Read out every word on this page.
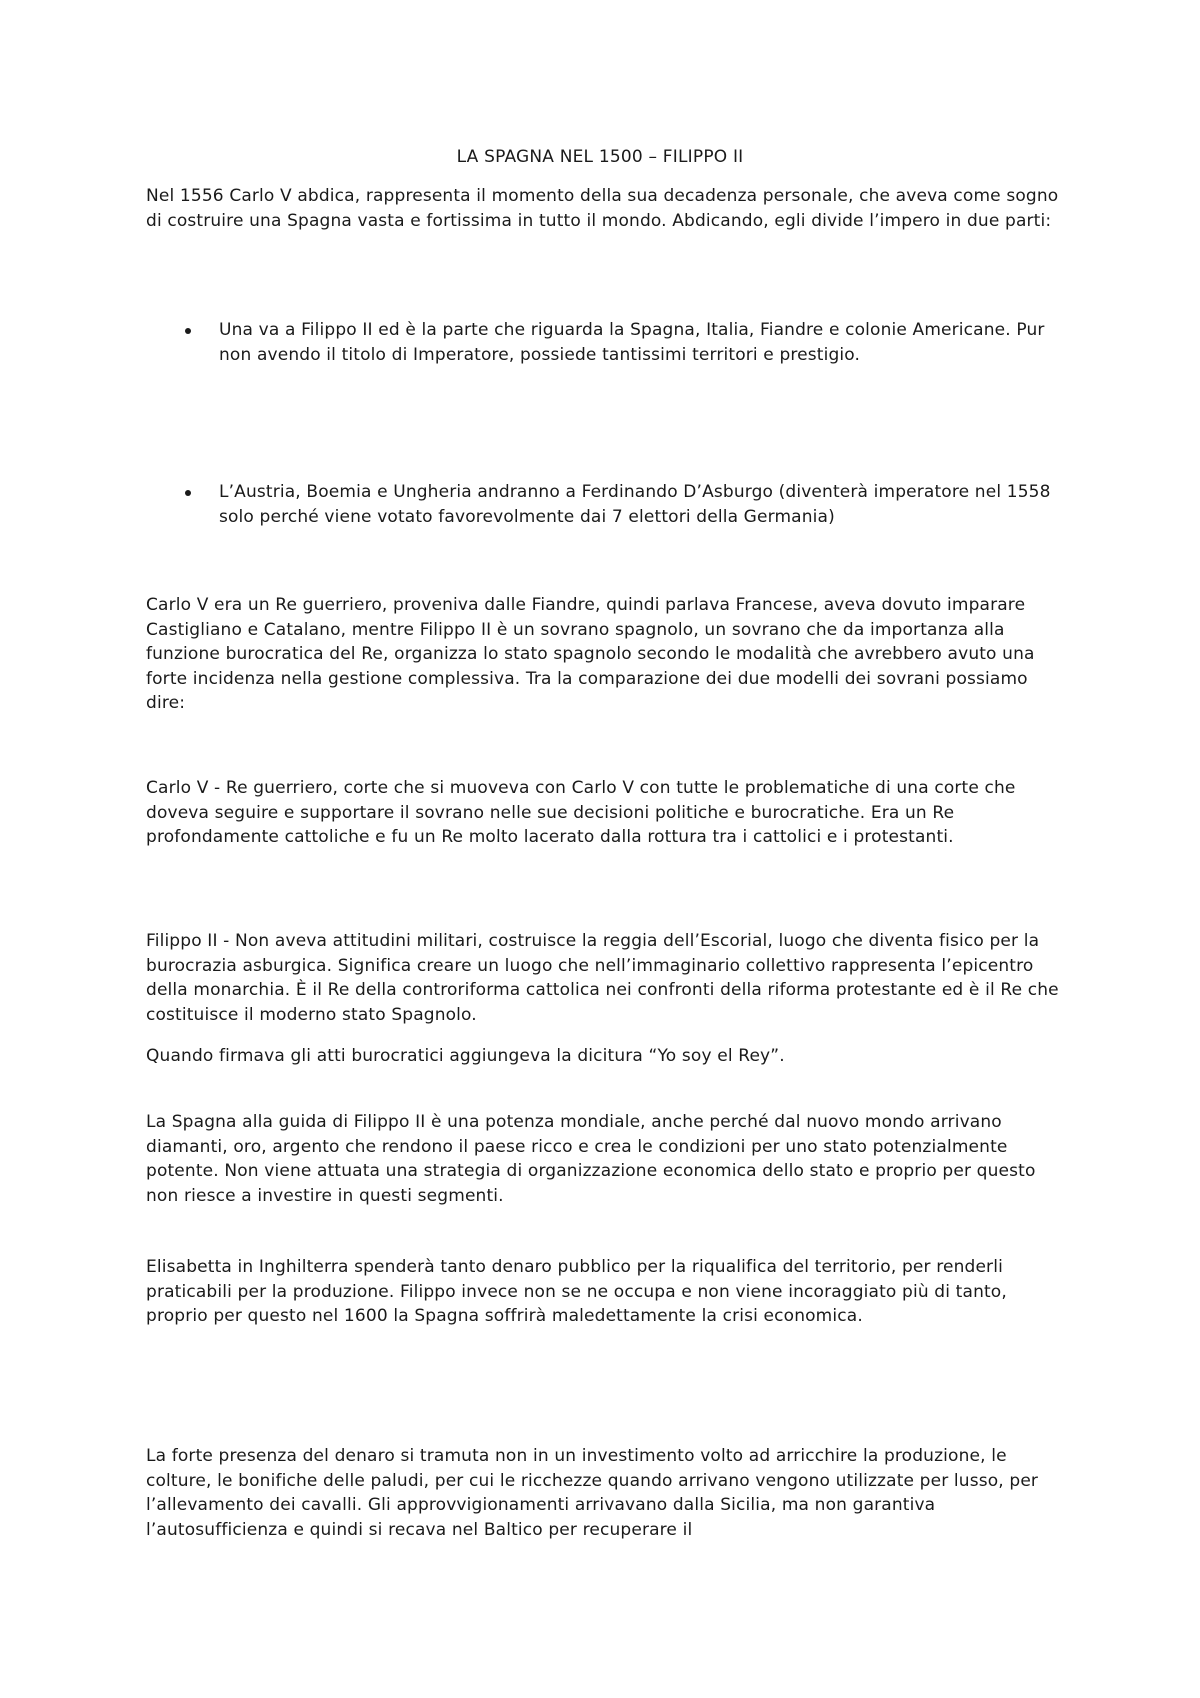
LA SPAGNA NEL 1500 – FILIPPO II

Nel 1556 Carlo V abdica, rappresenta il momento della sua decadenza personale, che aveva come sogno di costruire una Spagna vasta e fortissima in tutto il mondo. Abdicando, egli divide l’impero in due parti:

Una va a Filippo II ed è la parte che riguarda la Spagna, Italia, Fiandre e colonie Americane. Pur non avendo il titolo di Imperatore, possiede tantissimi territori e prestigio.

L’Austria, Boemia e Ungheria andranno a Ferdinando D’Asburgo (diventerà imperatore nel 1558 solo perché viene votato favorevolmente dai 7 elettori della Germania)

Carlo V era un Re guerriero, proveniva dalle Fiandre, quindi parlava Francese, aveva dovuto imparare Castigliano e Catalano, mentre Filippo II è un sovrano spagnolo, un sovrano che da importanza alla funzione burocratica del Re, organizza lo stato spagnolo secondo le modalità che avrebbero avuto una forte incidenza nella gestione complessiva. Tra la comparazione dei due modelli dei sovrani possiamo dire:

Carlo V - Re guerriero, corte che si muoveva con Carlo V con tutte le problematiche di una corte che doveva seguire e supportare il sovrano nelle sue decisioni politiche e burocratiche. Era un Re profondamente cattoliche e fu un Re molto lacerato dalla rottura tra i cattolici e i protestanti.

Filippo II - Non aveva attitudini militari, costruisce la reggia dell’Escorial, luogo che diventa fisico per la burocrazia asburgica. Significa creare un luogo che nell’immaginario collettivo rappresenta l’epicentro della monarchia. È il Re della controriforma cattolica nei confronti della riforma protestante ed è il Re che costituisce il moderno stato Spagnolo.

Quando firmava gli atti burocratici aggiungeva la dicitura “Yo soy el Rey”.

La Spagna alla guida di Filippo II è una potenza mondiale, anche perché dal nuovo mondo arrivano diamanti, oro, argento che rendono il paese ricco e crea le condizioni per uno stato potenzialmente potente. Non viene attuata una strategia di organizzazione economica dello stato e proprio per questo non riesce a investire in questi segmenti.

Elisabetta in Inghilterra spenderà tanto denaro pubblico per la riqualifica del territorio, per renderli praticabili per la produzione. Filippo invece non se ne occupa e non viene incoraggiato più di tanto, proprio per questo nel 1600 la Spagna soffrirà maledettamente la crisi economica.

La forte presenza del denaro si tramuta non in un investimento volto ad arricchire la produzione, le colture, le bonifiche delle paludi, per cui le ricchezze quando arrivano vengono utilizzate per lusso, per l’allevamento dei cavalli. Gli approvvigionamenti arrivavano dalla Sicilia, ma non garantiva l’autosufficienza e quindi si recava nel Baltico per recuperare il
